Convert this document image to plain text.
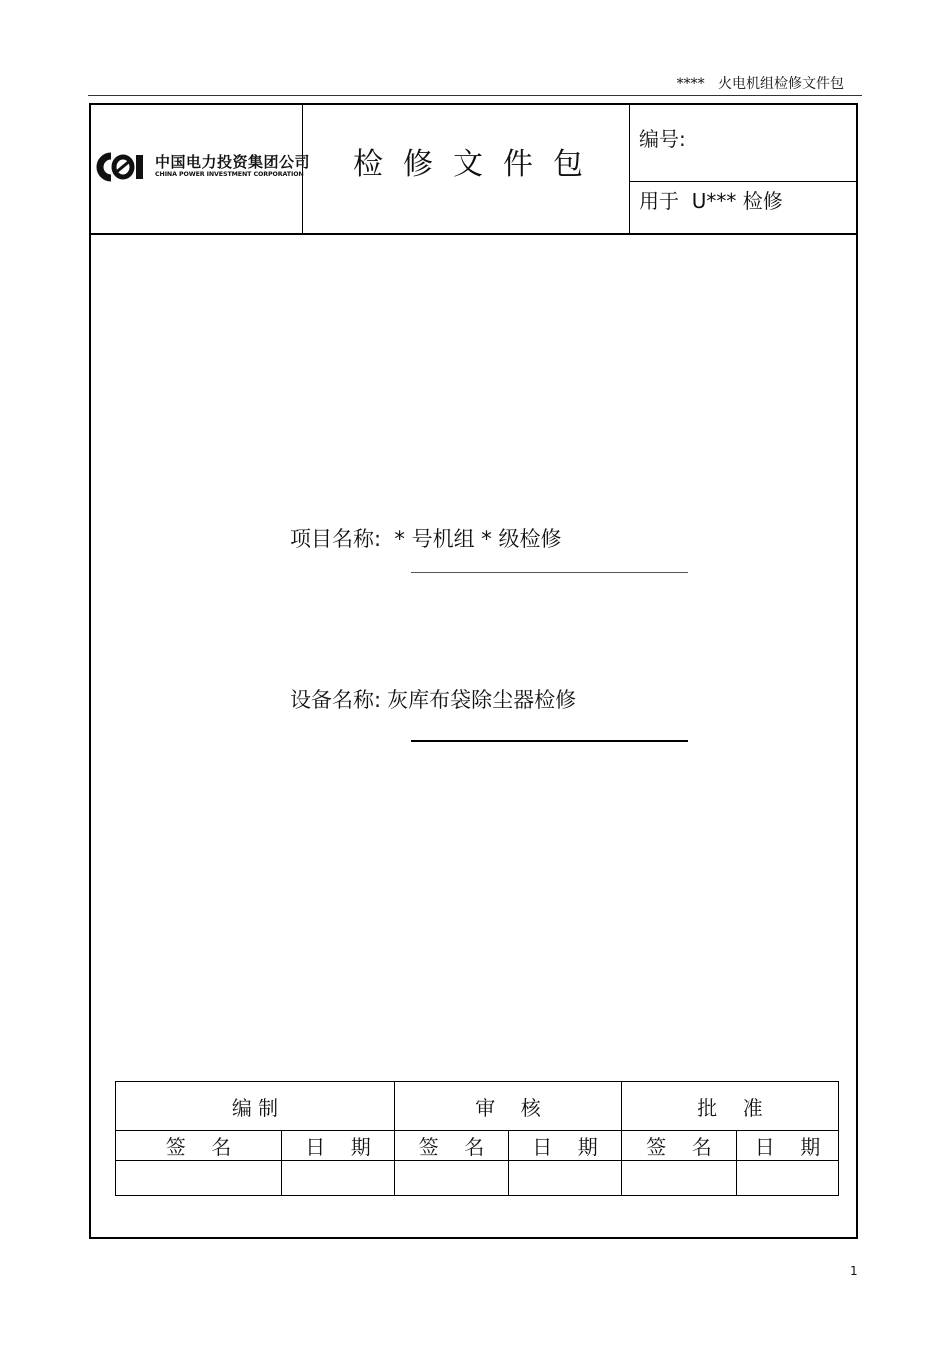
****   火电机组检修文件包
中国电力投资集团公司
CHINA POWER INVESTMENT CORPORATION	检修文件包
编号:
用于  U*** 检修
项目名称:  * 号机组 * 级检修
设备名称: 灰库布袋除尘器检修
编 制		审    核		批    准	
签    名	日    期	签    名	日    期	签    名	日    期

1
